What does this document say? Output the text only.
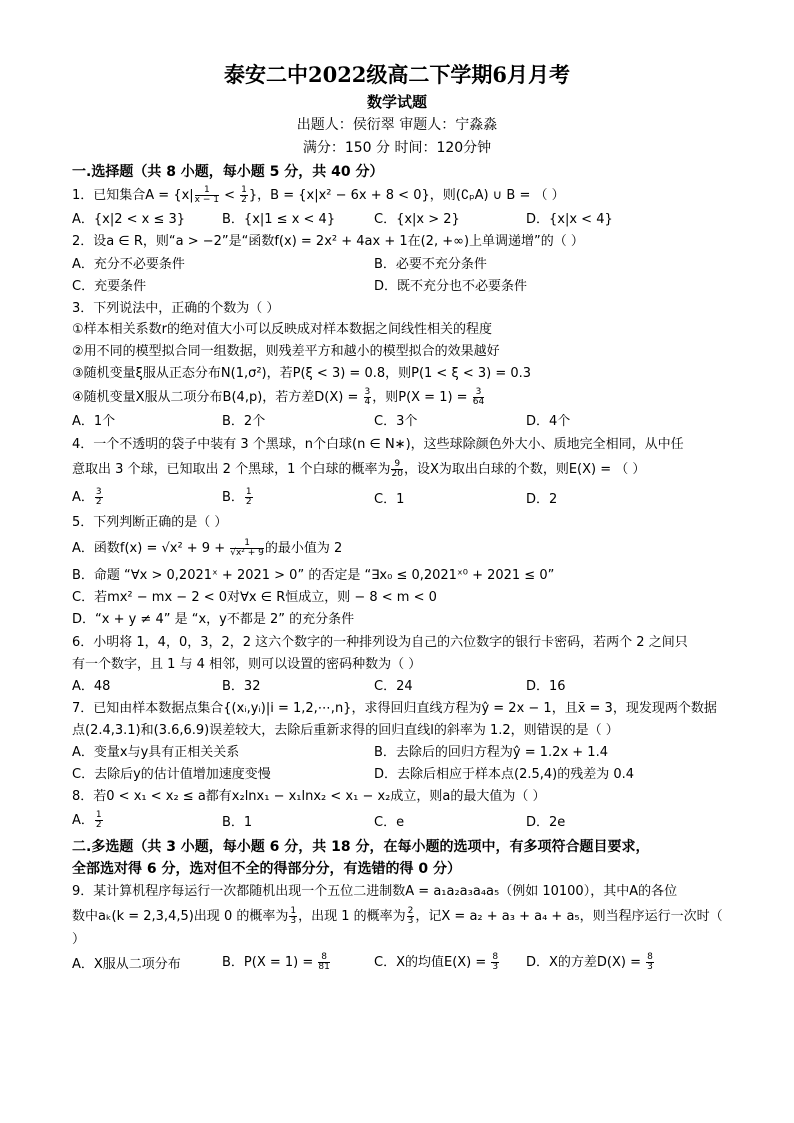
泰安二中2022级高二下学期6月月考
数学试题
出题人：侯衍翠 审题人：宁淼淼
满分：150 分 时间：120分钟
一.选择题（共 8 小题，每小题 5 分，共 40 分）
1．已知集合$A = \{x| \frac{1}{x - 1} < \frac{1}{2}$ }，B = {x|x² − 6x + 8 < 0}，则(∁ₚA) ∪ B = （ ）
A．{x|2 < x ≤ 3}	B．{x|1 ≤ x < 4}	C．{x|x > 2}	D．{x|x < 4}
2．设a ∈ R，则“a > −2”是“函数f(x) = 2x² + 4ax + 1在(2, +∞)上单调递增”的（ ）
A．充分不必要条件	B．必要不充分条件
C．充要条件	D．既不充分也不必要条件
3．下列说法中，正确的个数为（ ）
①样本相关系数r的绝对值大小可以反映成对样本数据之间线性相关的程度
②用不同的模型拟合同一组数据，则残差平方和越小的模型拟合的效果越好
③随机变量ξ服从正态分布N(1,σ²)，若P(ξ < 3) = 0.8，则P(1 < ξ < 3) = 0.3
④随机变量X服从二项分布B(4,p)，若方差$D(X) = \frac{3}{4}$ ，则$P(X = 1) = \frac{3}{64}$
A．1个	B．2个	C．3个	D．4个
4．一个不透明的袋子中装有 3 个黑球，n个白球(n ∈ N∗)，这些球除颜色外大小、质地完全相同，从中任
意取出 3 个球，已知取出 2 个黑球，1 个白球的概率为 $\frac{9}{20}$ ，设X为取出白球的个数，则E(X) = （ ）
A． $\frac{3}{2}$	B． $\frac{1}{2}$	C．1	D．2
5．下列判断正确的是（ ）
A．函数$f(x) = √x^2 + 9 + \frac{1}{\text{√x² + 9}}$ 的最小值为 2
B．命题 “∀x > 0,2021ˣ + 2021 > 0” 的否定是 “∃x₀ ≤ 0,2021ˣ⁰ + 2021 ≤ 0”
C．若mx² − mx − 2 < 0对∀x ∈ R恒成立，则 − 8 < m < 0
D．“x + y ≠ 4” 是 “x，y不都是 2” 的充分条件
6．小明将 1，4，0，3，2，2 这六个数字的一种排列设为自己的六位数字的银行卡密码，若两个 2 之间只
有一个数字，且 1 与 4 相邻，则可以设置的密码种数为（ ）
A．48	B．32	C．24	D．16
7．已知由样本数据点集合{(xᵢ,yᵢ)|i = 1,2,⋯,n}，求得回归直线方程为ŷ = 2x − 1，且x̄ = 3，现发现两个数据
点(2.4,3.1)和(3.6,6.9)误差较大，去除后重新求得的回归直线l的斜率为 1.2，则错误的是（ ）
A．变量x与y具有正相关关系	B．去除后的回归方程为ŷ = 1.2x + 1.4
C．去除后y的估计值增加速度变慢	D．去除后相应于样本点(2.5,4)的残差为 0.4
8．若0 < x₁ < x₂ ≤ a都有x₂lnx₁ − x₁lnx₂ < x₁ − x₂成立，则a的最大值为（ ）
A． $\frac{1}{2}$	B．1	C．e	D．2e
二.多选题（共 3 小题，每小题 6 分，共 18 分，在每小题的选项中，有多项符合题目要求，
全部选对得 6 分，选对但不全的得部分分，有选错的得 0 分）
9．某计算机程序每运行一次都随机出现一个五位二进制数A = a₁a₂a₃a₄a₅（例如 10100），其中A的各位
数中aₖ(k = 2,3,4,5)出现 0 的概率为 $\frac{1}{3}$ ，出现 1 的概率为 $\frac{2}{3}$ ，记X = a₂ + a₃ + a₄ + a₅，则当程序运行一次时（
）
A．X服从二项分布	B．$P(X = 1) = \frac{8}{81}$	C．X的均值$E(X) = \frac{8}{3}$ D．X的方差$D(X) = \frac{8}{3}$
